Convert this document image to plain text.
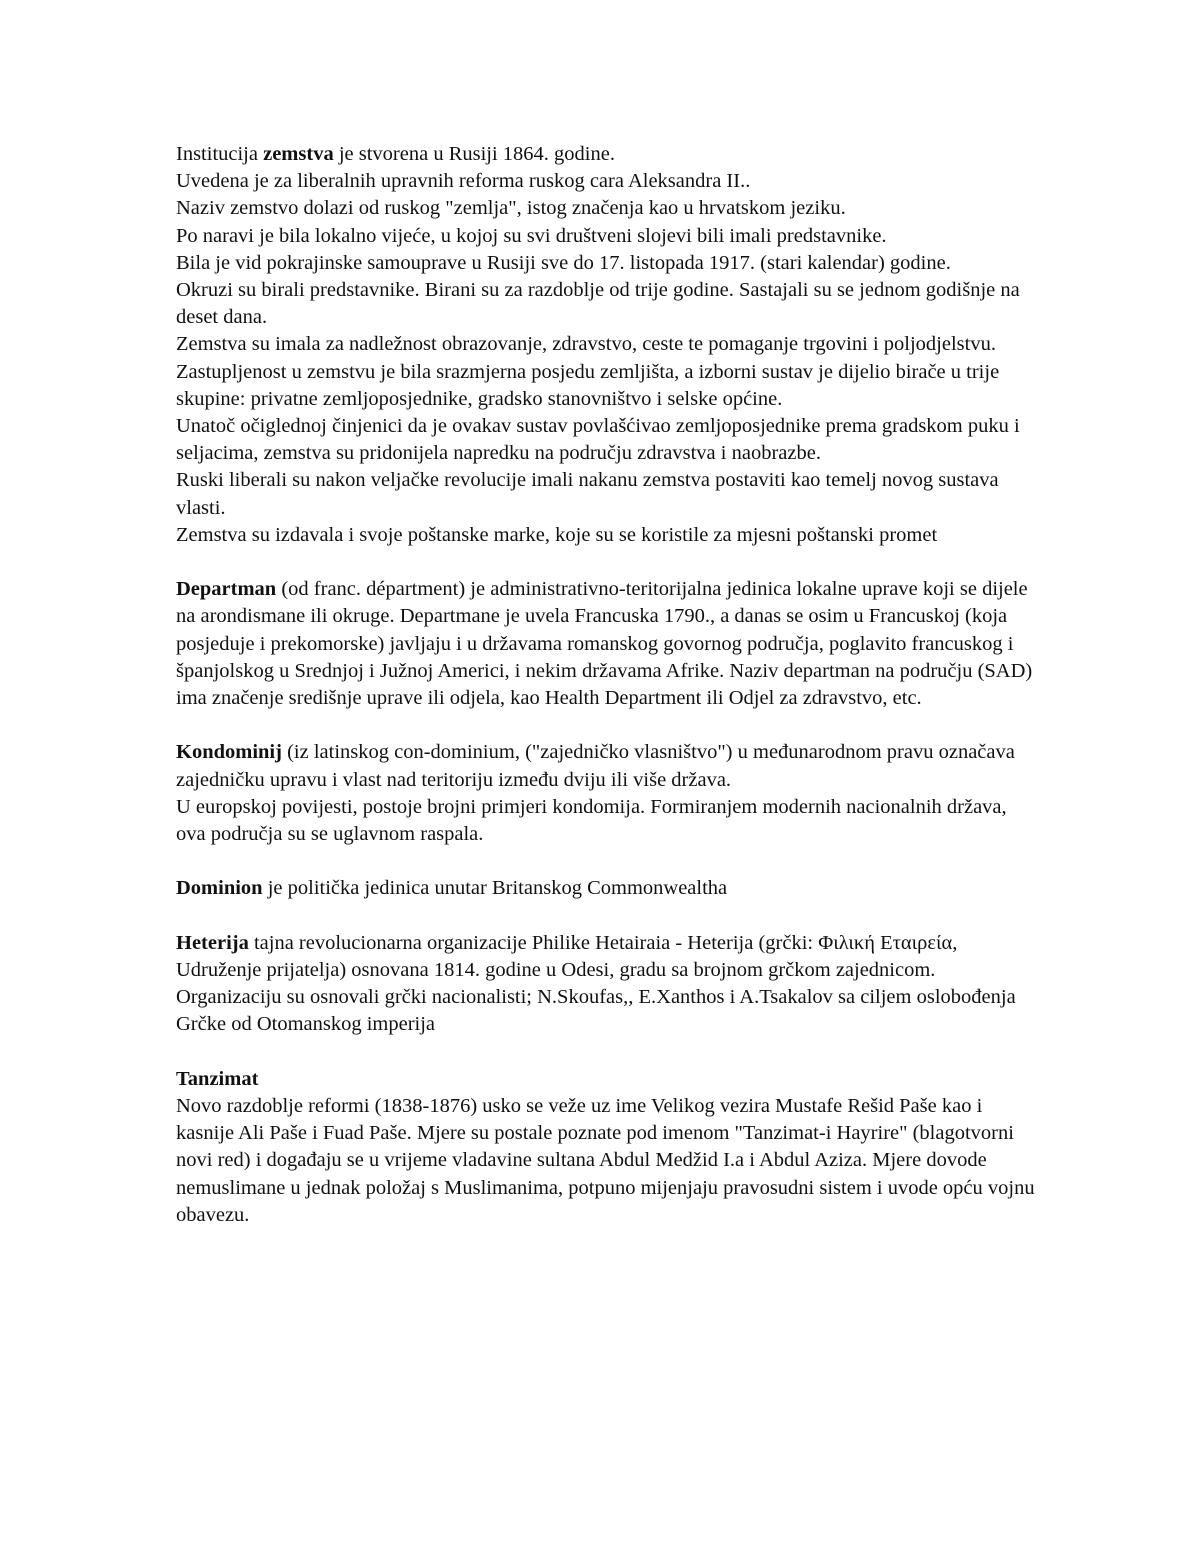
Institucija zemstva je stvorena u Rusiji 1864. godine.
Uvedena je za liberalnih upravnih reforma ruskog cara Aleksandra II..
Naziv zemstvo dolazi od ruskog "zemlja", istog značenja kao u hrvatskom jeziku.
Po naravi je bila lokalno vijeće, u kojoj su svi društveni slojevi bili imali predstavnike.
Bila je vid pokrajinske samouprave u Rusiji sve do 17. listopada 1917. (stari kalendar) godine.
Okruzi su birali predstavnike. Birani su za razdoblje od trije godine. Sastajali su se jednom godišnje na deset dana.
Zemstva su imala za nadležnost obrazovanje, zdravstvo, ceste te pomaganje trgovini i poljodjelstvu.
Zastupljenost u zemstvu je bila srazmjerna posjedu zemljišta, a izborni sustav je dijelio birače u trije skupine: privatne zemljoposjednike, gradsko stanovništvo i selske općine.
Unatoč očiglednoj činjenici da je ovakav sustav povlašćivao zemljoposjednike prema gradskom puku i seljacima, zemstva su pridonijela napredku na području zdravstva i naobrazbe.
Ruski liberali su nakon veljačke revolucije imali nakanu zemstva postaviti kao temelj novog sustava vlasti.
Zemstva su izdavala i svoje poštanske marke, koje su se koristile za mjesni poštanski promet

Departman (od franc. départment) je administrativno-teritorijalna jedinica lokalne uprave koji se dijele na arondismane ili okruge. Departmane je uvela Francuska 1790., a danas se osim u Francuskoj (koja posjeduje i prekomorske) javljaju i u državama romanskog govornog područja, poglavito francuskog i španjolskog u Srednjoj i Južnoj Americi, i nekim državama Afrike. Naziv departman na području (SAD) ima značenje središnje uprave ili odjela, kao Health Department ili Odjel za zdravstvo, etc.

Kondominij (iz latinskog con-dominium, ("zajedničko vlasništvo") u međunarodnom pravu označava zajedničku upravu i vlast nad teritoriju između dviju ili više država.
U europskoj povijesti, postoje brojni primjeri kondomija. Formiranjem modernih nacionalnih država, ova područja su se uglavnom raspala.

Dominion je politička jedinica unutar Britanskog Commonwealtha

Heterija tajna revolucionarna organizacije Philike Hetairaia - Heterija (grčki: Φιλική Εταιρεία, Udruženje prijatelja) osnovana 1814. godine u Odesi, gradu sa brojnom grčkom zajednicom. Organizaciju su osnovali grčki nacionalisti; N.Skoufas,, E.Xanthos i A.Tsakalov sa ciljem oslobođenja Grčke od Otomanskog imperija

Tanzimat
Novo razdoblje reformi (1838-1876) usko se veže uz ime Velikog vezira Mustafe Rešid Paše kao i kasnije Ali Paše i Fuad Paše. Mjere su postale poznate pod imenom "Tanzimat-i Hayrire" (blagotvorni novi red) i događaju se u vrijeme vladavine sultana Abdul Medžid I.a i Abdul Aziza. Mjere dovode nemuslimane u jednak položaj s Muslimanima, potpuno mijenjaju pravosudni sistem i uvode opću vojnu obavezu.
